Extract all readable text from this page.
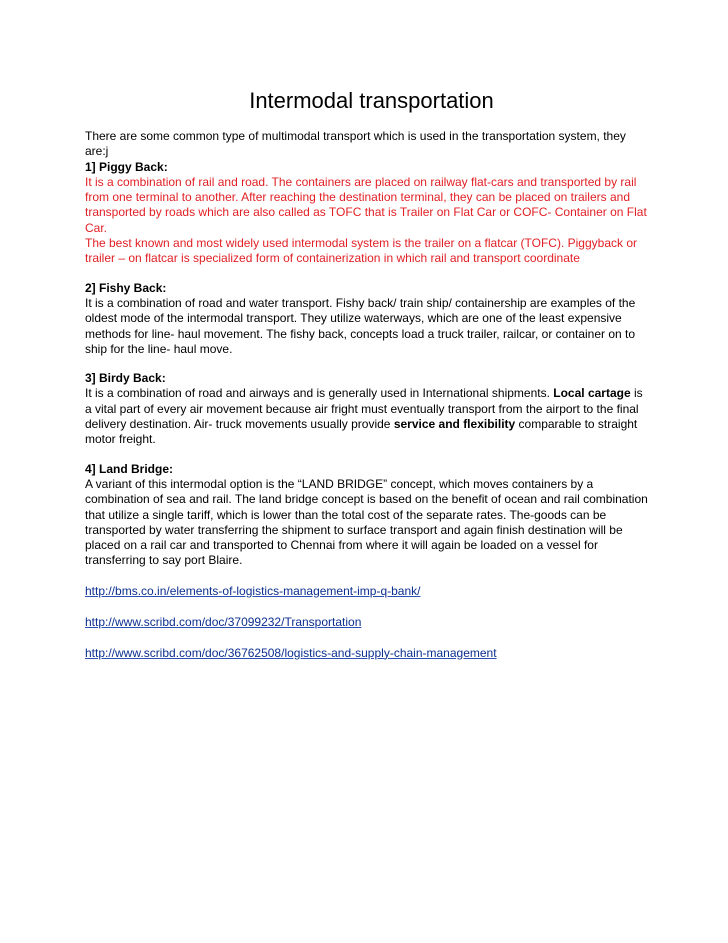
Intermodal transportation
There are some common type of multimodal transport which is used in the transportation system, they are:j
1] Piggy Back:
It is a combination of rail and road. The containers are placed on railway flat-cars and transported by rail from one terminal to another. After reaching the destination terminal, they can be placed on trailers and transported by roads which are also called as TOFC that is Trailer on Flat Car or COFC- Container on Flat Car.
The best known and most widely used intermodal system is the trailer on a flatcar (TOFC). Piggyback or trailer – on flatcar is specialized form of containerization in which rail and transport coordinate
2] Fishy Back:
It is a combination of road and water transport. Fishy back/ train ship/ containership are examples of the oldest mode of the intermodal transport. They utilize waterways, which are one of the least expensive methods for line- haul movement. The fishy back, concepts load a truck trailer, railcar, or container on to ship for the line- haul move.
3] Birdy Back:
It is a combination of road and airways and is generally used in International shipments. Local cartage is a vital part of every air movement because air fright must eventually transport from the airport to the final delivery destination. Air- truck movements usually provide service and flexibility comparable to straight motor freight.
4] Land Bridge:
A variant of this intermodal option is the “LAND BRIDGE” concept, which moves containers by a combination of sea and rail. The land bridge concept is based on the benefit of ocean and rail combination that utilize a single tariff, which is lower than the total cost of the separate rates. The-goods can be transported by water transferring the shipment to surface transport and again finish destination will be placed on a rail car and transported to Chennai from where it will again be loaded on a vessel for transferring to say port Blaire.
http://bms.co.in/elements-of-logistics-management-imp-q-bank/
http://www.scribd.com/doc/37099232/Transportation
http://www.scribd.com/doc/36762508/logistics-and-supply-chain-management
